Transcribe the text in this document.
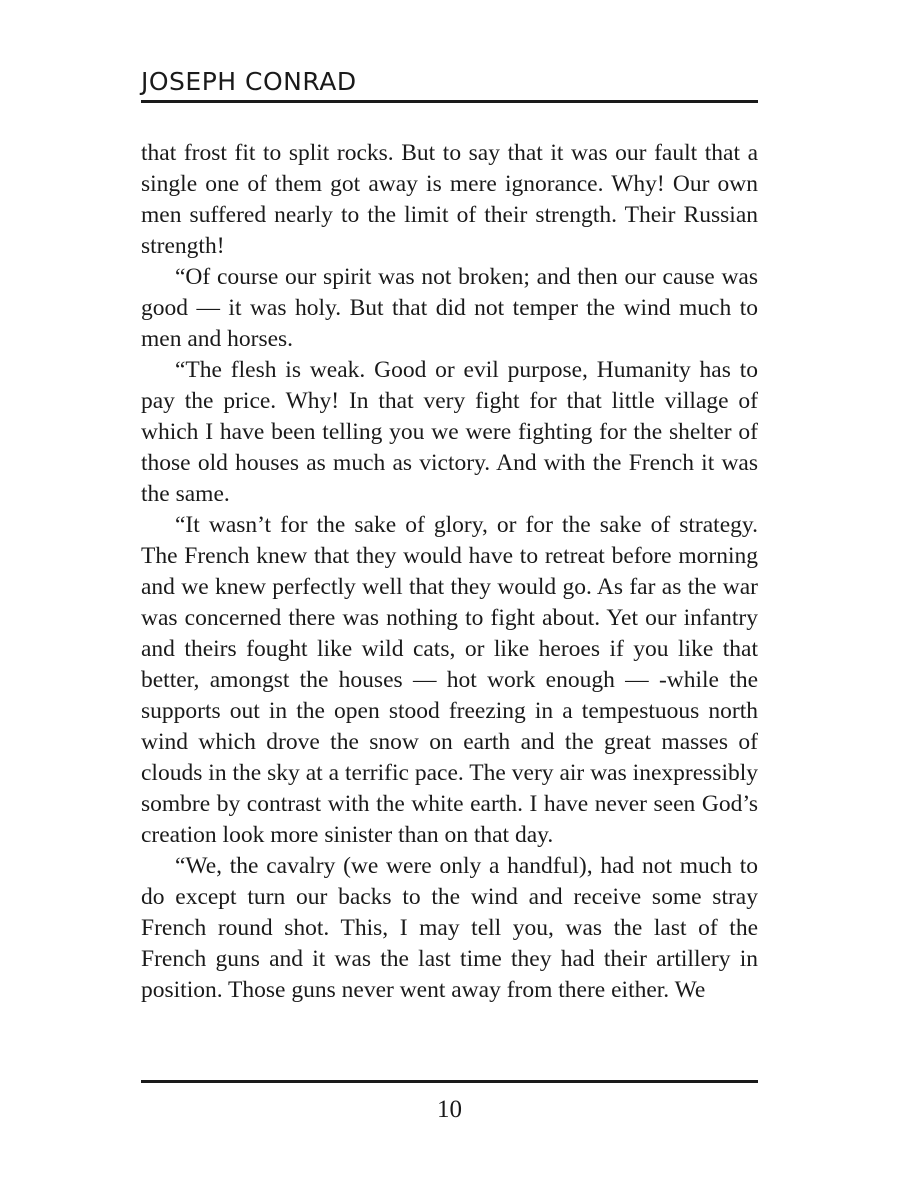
JOSEPH CONRAD

that frost fit to split rocks. But to say that it was our fault that a single one of them got away is mere ignorance. Why! Our own men suffered nearly to the limit of their strength. Their Russian strength!

“Of course our spirit was not broken; and then our cause was good — it was holy. But that did not temper the wind much to men and horses.

“The flesh is weak. Good or evil purpose, Humanity has to pay the price. Why! In that very fight for that little village of which I have been telling you we were fighting for the shelter of those old houses as much as victory. And with the French it was the same.

“It wasn’t for the sake of glory, or for the sake of strategy. The French knew that they would have to retreat before morning and we knew perfectly well that they would go. As far as the war was concerned there was nothing to fight about. Yet our infantry and theirs fought like wild cats, or like heroes if you like that better, amongst the houses — hot work enough — -while the supports out in the open stood freezing in a tempestuous north wind which drove the snow on earth and the great masses of clouds in the sky at a terrific pace. The very air was inexpressibly sombre by contrast with the white earth. I have never seen God’s creation look more sinister than on that day.

“We, the cavalry (we were only a handful), had not much to do except turn our backs to the wind and receive some stray French round shot. This, I may tell you, was the last of the French guns and it was the last time they had their artillery in position. Those guns never went away from there either. We

10
